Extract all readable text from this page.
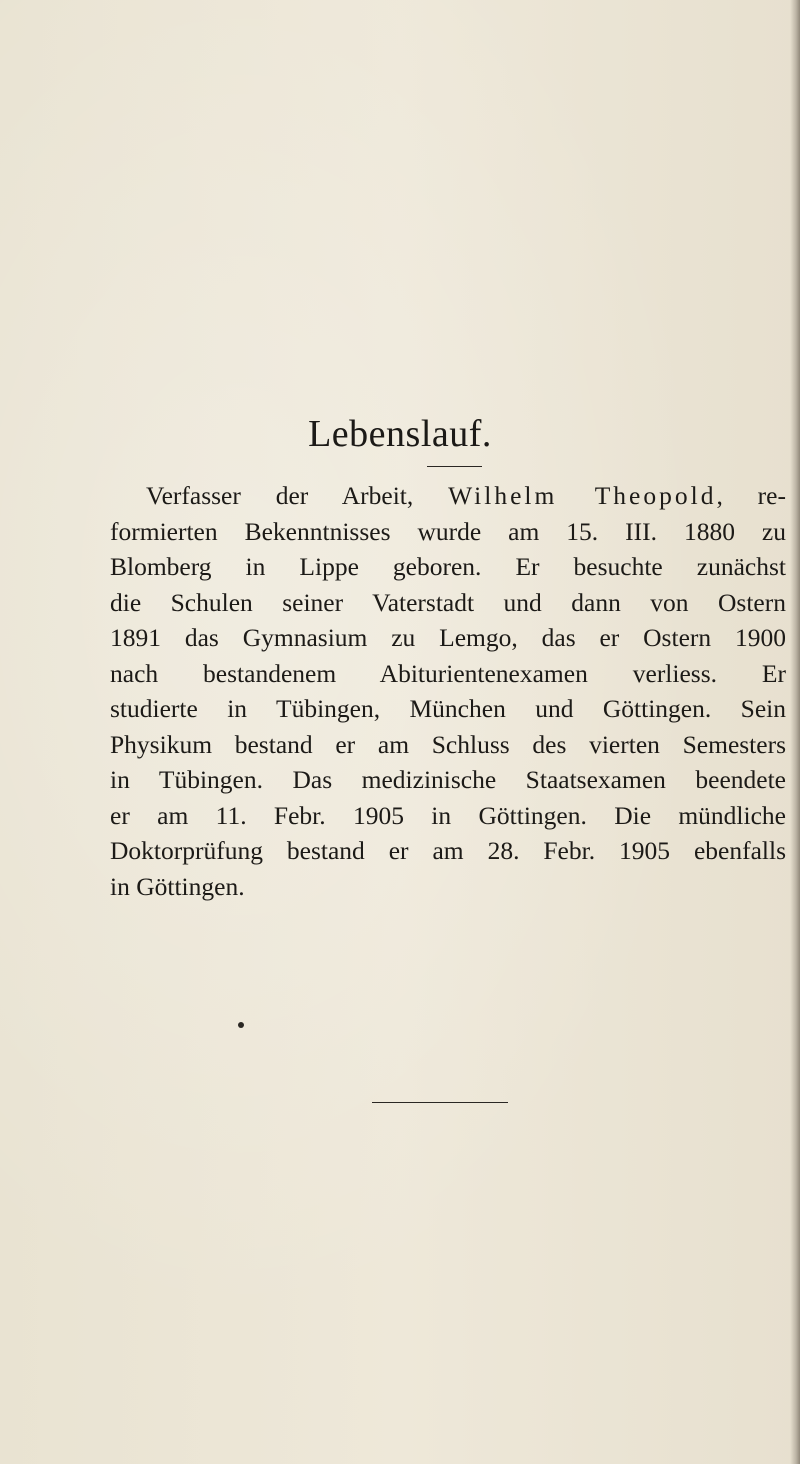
Lebenslauf.
Verfasser der Arbeit, Wilhelm Theopold, re-
formierten Bekenntnisses wurde am 15. III. 1880 zu
Blomberg in Lippe geboren. Er besuchte zunächst
die Schulen seiner Vaterstadt und dann von Ostern
1891 das Gymnasium zu Lemgo, das er Ostern 1900
nach bestandenem Abiturientenexamen verliess. Er
studierte in Tübingen, München und Göttingen. Sein
Physikum bestand er am Schluss des vierten Semesters
in Tübingen. Das medizinische Staatsexamen beendete
er am 11. Febr. 1905 in Göttingen. Die mündliche
Doktorprüfung bestand er am 28. Febr. 1905 ebenfalls
in Göttingen.
